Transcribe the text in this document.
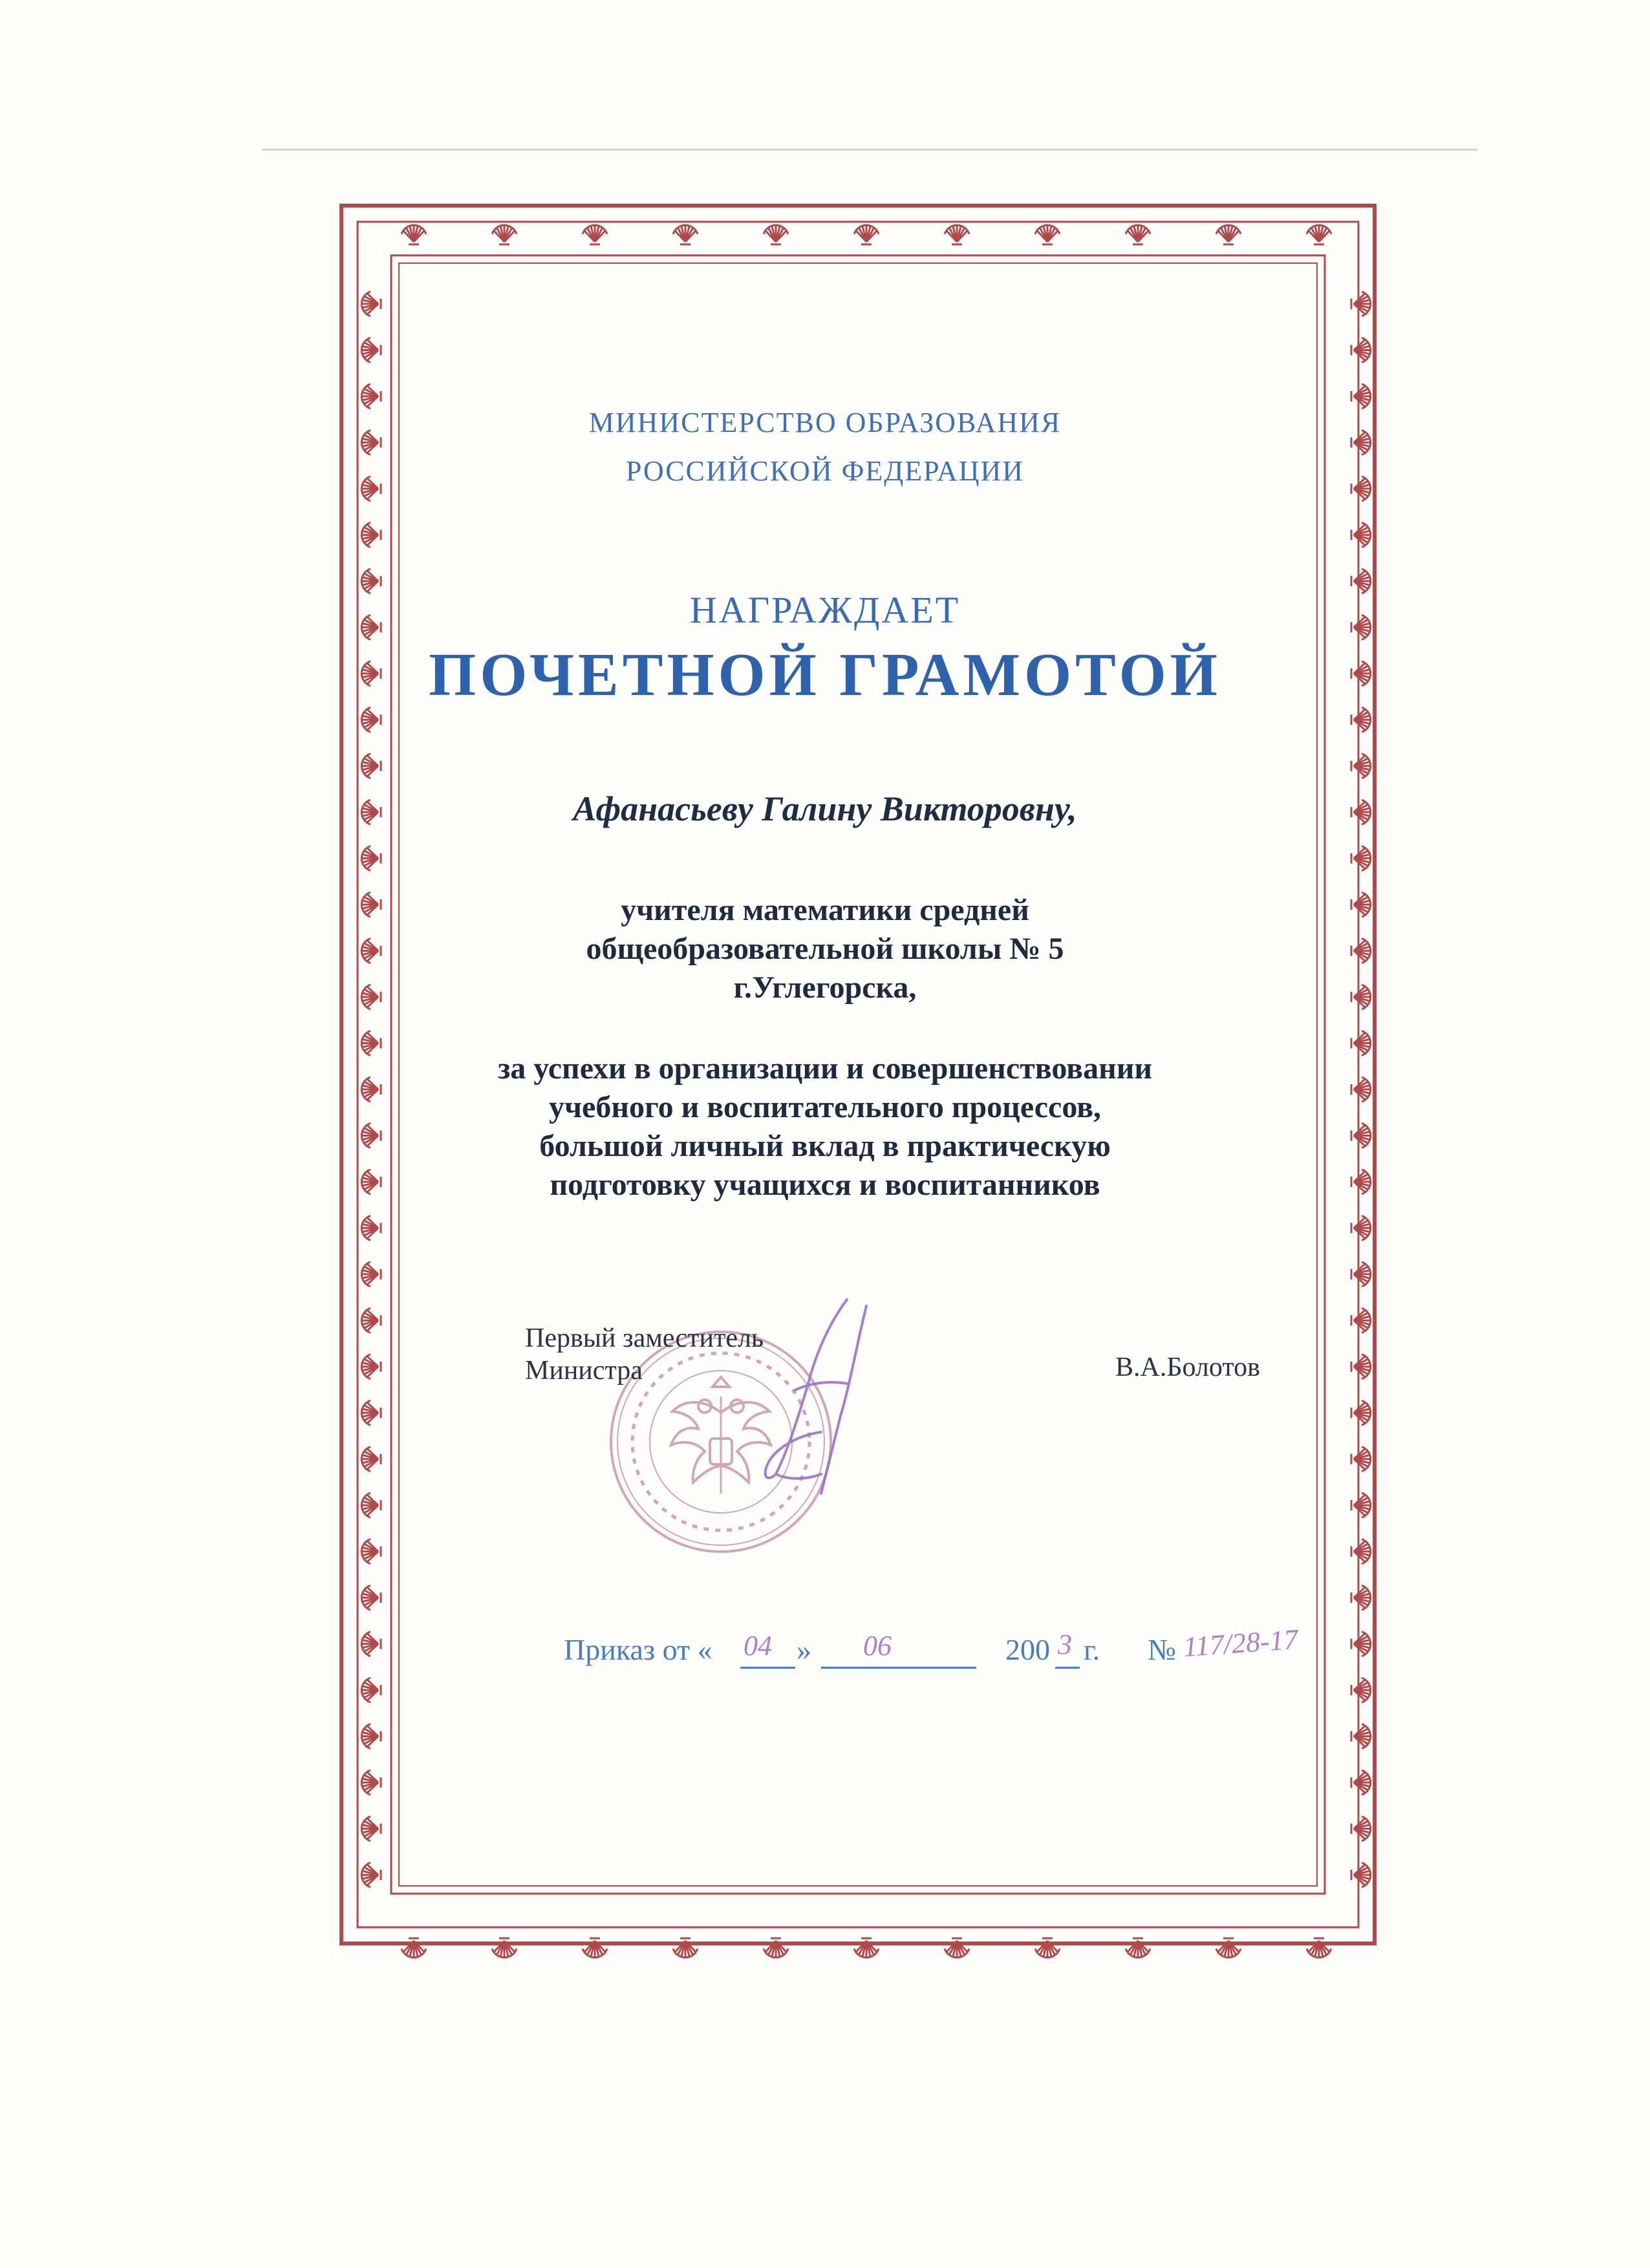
МИНИСТЕРСТВО ОБРАЗОВАНИЯ
РОССИЙСКОЙ ФЕДЕРАЦИИ
НАГРАЖДАЕТ
ПОЧЕТНОЙ ГРАМОТОЙ
Афанасьеву Галину Викторовну,
учителя математики средней
общеобразовательной школы № 5
г.Углегорска,
за успехи в организации и совершенствовании
учебного и воспитательного процессов,
большой личный вклад в практическую
подготовку учащихся и воспитанников
Первый заместитель
Министра	В.А.Болотов
Приказ от « 04 » 06	200 3 г. № 117/28-17
